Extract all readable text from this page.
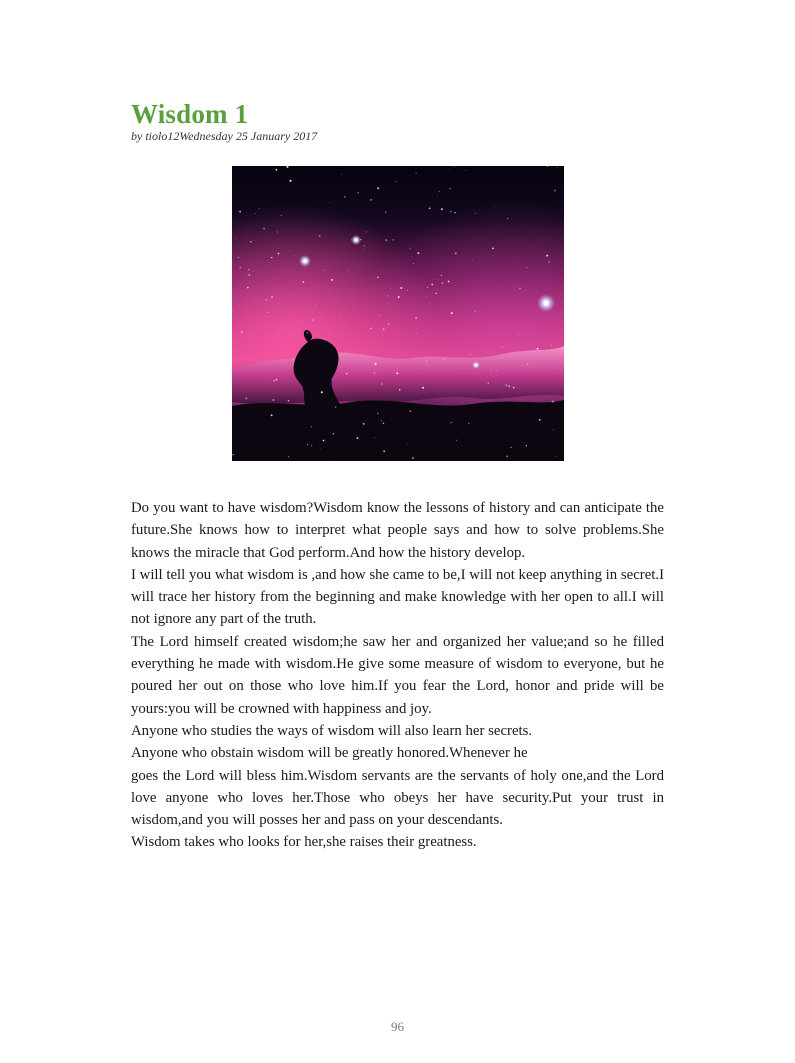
Wisdom 1
by tiolo12Wednesday 25 January 2017

Do you want to have wisdom?Wisdom know the lessons of history and can anticipate the future.She knows how to interpret what people says and how to solve problems.She knows the miracle that God perform.And how the history develop.

I will tell you what wisdom is ,and how she came to be,I will not keep anything in secret.I will trace her history from the beginning and make knowledge with her open to all.I will not ignore any part of the truth.

The Lord himself created wisdom;he saw her and organized her value;and so he filled everything he made with wisdom.He give some measure of wisdom to everyone, but he poured her out on those who love him.If you fear the Lord, honor and pride will be yours:you will be crowned with happiness and joy.

Anyone who studies the ways of wisdom will also learn her secrets.

Anyone who obstain wisdom will be greatly honored.Whenever he

goes the Lord will bless him.Wisdom servants are the servants of holy one,and the Lord love anyone who loves her.Those who obeys her have security.Put your trust in wisdom,and you will posses her and pass on your descendants.

Wisdom takes who looks for her,she raises their greatness.

96
